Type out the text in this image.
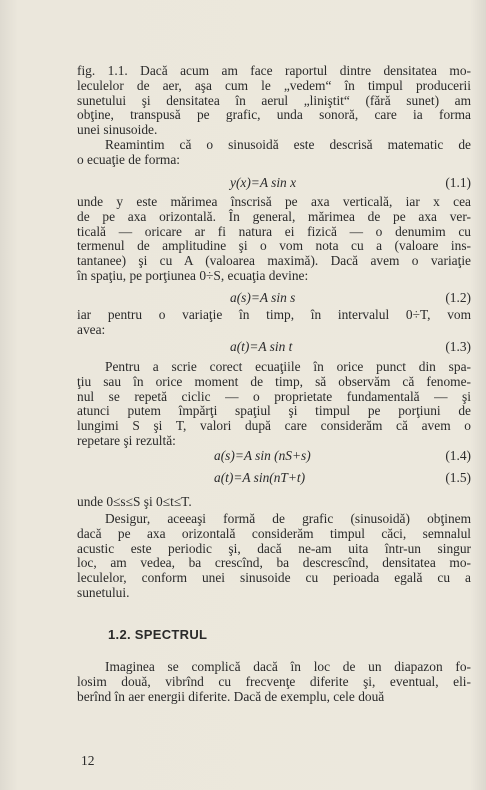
fig. 1.1. Dacă acum am face raportul dintre densitatea mo-
leculelor de aer, aşa cum le „vedem“ în timpul producerii
sunetului şi densitatea în aerul „liniştit“ (fără sunet) am
obţine, transpusă pe grafic, unda sonoră, care ia forma
unei sinusoide.
Reamintim că o sinusoidă este descrisă matematic de
o ecuaţie de forma:
y(x)=A sin x	(1.1)
unde y este mărimea înscrisă pe axa verticală, iar x cea
de pe axa orizontală. În general, mărimea de pe axa ver-
ticală — oricare ar fi natura ei fizică — o denumim cu
termenul de amplitudine şi o vom nota cu a (valoare ins-
tantanee) şi cu A (valoarea maximă). Dacă avem o variaţie
în spaţiu, pe porţiunea 0÷S, ecuaţia devine:
a(s)=A sin s	(1.2)
iar pentru o variaţie în timp, în intervalul 0÷T, vom
avea:
a(t)=A sin t	(1.3)
Pentru a scrie corect ecuaţiile în orice punct din spa-
ţiu sau în orice moment de timp, să observăm că fenome-
nul se repetă ciclic — o proprietate fundamentală — şi
atunci putem împărţi spaţiul şi timpul pe porţiuni de
lungimi S şi T, valori după care considerăm că avem o
repetare şi rezultă:
a(s)=A sin (nS+s)	(1.4)
a(t)=A sin(nT+t)	(1.5)
unde 0≤s≤S şi 0≤t≤T.
Desigur, aceeaşi formă de grafic (sinusoidă) obţinem
dacă pe axa orizontală considerăm timpul căci, semnalul
acustic este periodic şi, dacă ne-am uita într-un singur
loc, am vedea, ba crescînd, ba descrescînd, densitatea mo-
leculelor, conform unei sinusoide cu perioada egală cu a
sunetului.
1.2. SPECTRUL
Imaginea se complică dacă în loc de un diapazon fo-
losim două, vibrînd cu frecvenţe diferite şi, eventual, eli-
berînd în aer energii diferite. Dacă de exemplu, cele două
12
